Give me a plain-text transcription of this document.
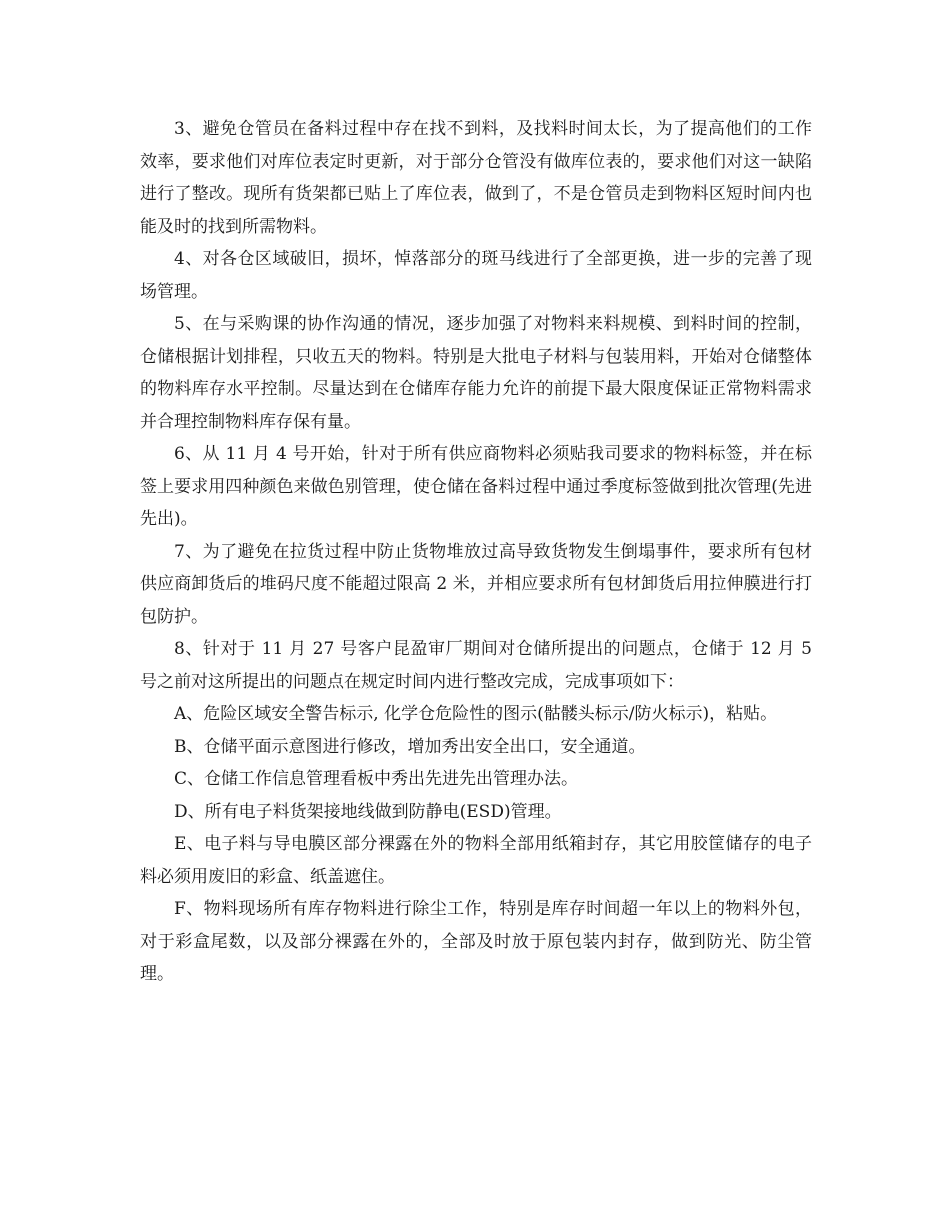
3、避免仓管员在备料过程中存在找不到料，及找料时间太长，为了提高他们的工作效率，要求他们对库位表定时更新，对于部分仓管没有做库位表的，要求他们对这一缺陷进行了整改。现所有货架都已贴上了库位表，做到了，不是仓管员走到物料区短时间内也能及时的找到所需物料。

4、对各仓区域破旧，损坏，悼落部分的斑马线进行了全部更换，进一步的完善了现场管理。

5、在与采购课的协作沟通的情况，逐步加强了对物料来料规模、到料时间的控制，仓储根据计划排程，只收五天的物料。特别是大批电子材料与包装用料，开始对仓储整体的物料库存水平控制。尽量达到在仓储库存能力允许的前提下最大限度保证正常物料需求并合理控制物料库存保有量。

6、从 11 月 4 号开始，针对于所有供应商物料必须贴我司要求的物料标签，并在标签上要求用四种颜色来做色别管理，使仓储在备料过程中通过季度标签做到批次管理(先进先出)。

7、为了避免在拉货过程中防止货物堆放过高导致货物发生倒塌事件，要求所有包材供应商卸货后的堆码尺度不能超过限高 2 米，并相应要求所有包材卸货后用拉伸膜进行打包防护。

8、针对于 11 月 27 号客户昆盈审厂期间对仓储所提出的问题点，仓储于 12 月 5 号之前对这所提出的问题点在规定时间内进行整改完成，完成事项如下：

A、危险区域安全警告标示, 化学仓危险性的图示(骷髅头标示/防火标示)，粘贴。

B、仓储平面示意图进行修改，增加秀出安全出口，安全通道。

C、仓储工作信息管理看板中秀出先进先出管理办法。

D、所有电子料货架接地线做到防静电(ESD)管理。

E、电子料与导电膜区部分裸露在外的物料全部用纸箱封存，其它用胶筐储存的电子料必须用废旧的彩盒、纸盖遮住。

F、物料现场所有库存物料进行除尘工作，特别是库存时间超一年以上的物料外包，对于彩盒尾数，以及部分裸露在外的，全部及时放于原包装内封存，做到防光、防尘管理。
